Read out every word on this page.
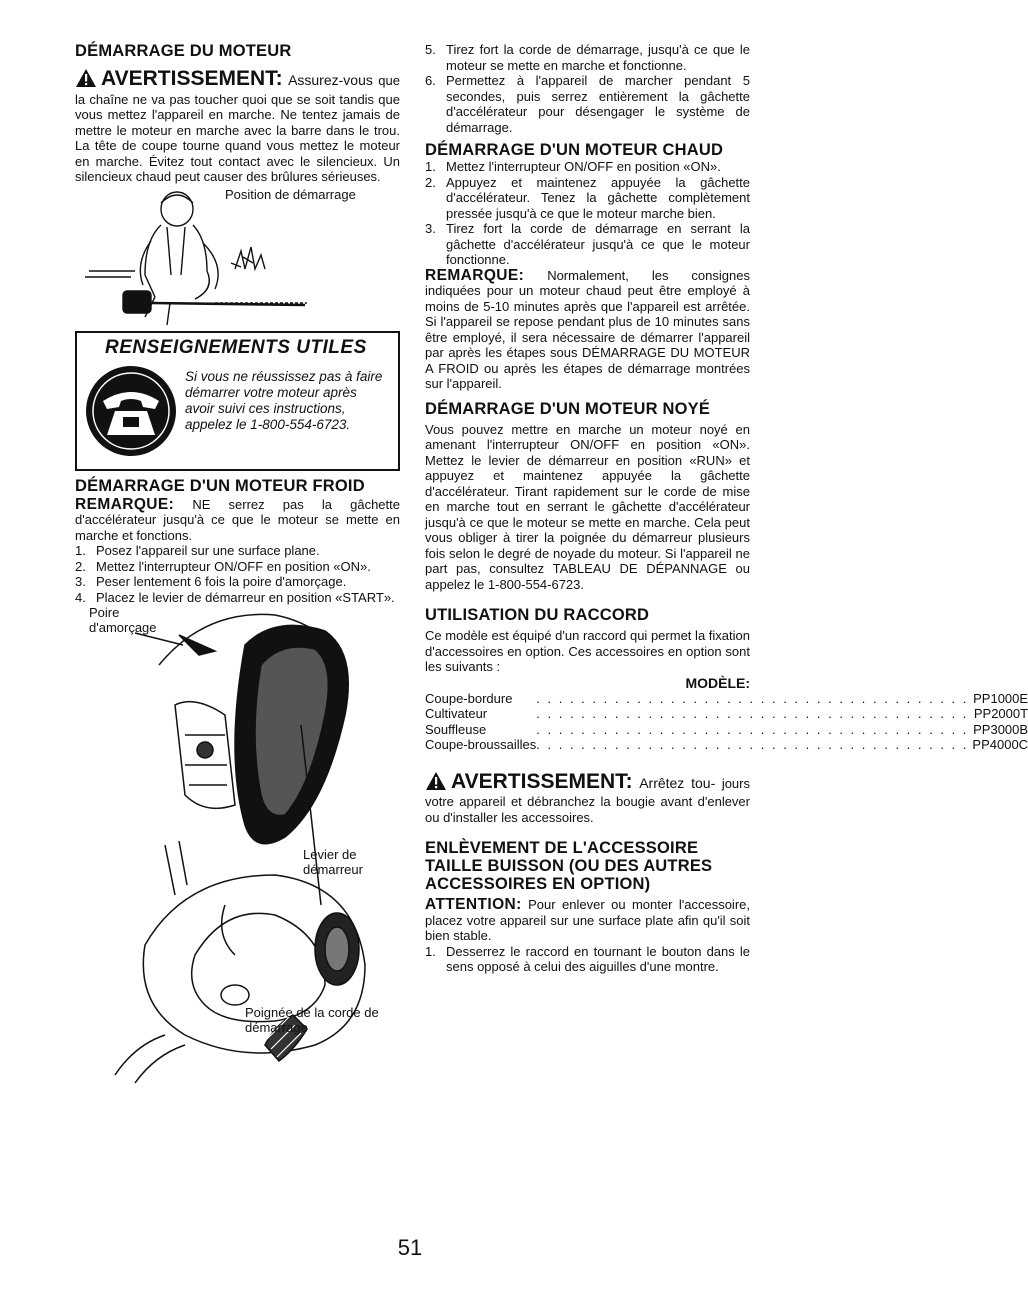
DÉMARRAGE DU MOTEUR

AVERTISSEMENT: Assurez-vous que la chaîne ne va pas toucher quoi que se soit tandis que vous mettez l'appareil en marche. Ne tentez jamais de mettre le moteur en marche avec la barre dans le trou. La tête de coupe tourne quand vous mettez le moteur en marche. Évitez tout contact avec le silencieux. Un silencieux chaud peut causer des brûlures sérieuses.

Position de démarrage
RENSEIGNEMENTS UTILES
Si vous ne réussissez pas à faire démarrer votre moteur après avoir suivi ces instructions, appelez le 1-800-554-6723.
DÉMARRAGE D'UN MOTEUR FROID

REMARQUE: NE serrez pas la gâchette d'accélérateur jusqu'à ce que le moteur se mette en marche et fonctions.

1. Posez l'appareil sur une surface plane.
2. Mettez l'interrupteur ON/OFF en position «ON».
3. Peser lentement 6 fois la poire d'amorçage.
4. Placez le levier de démarreur en position «START».
Poire d'amorçage
Levier de démarreur
Poignée de la corde de démarrage
5. Tirez fort la corde de démarrage, jusqu'à ce que le moteur se mette en marche et fonctionne.
6. Permettez à l'appareil de marcher pendant 5 secondes, puis serrez entièrement la gâchette d'accélérateur pour désengager le système de démarrage.
DÉMARRAGE D'UN MOTEUR CHAUD
1. Mettez l'interrupteur ON/OFF en position «ON».
2. Appuyez et maintenez appuyée la gâchette d'accélérateur. Tenez la gâchette complètement pressée jusqu'à ce que le moteur marche bien.
3. Tirez fort la corde de démarrage en serrant la gâchette d'accélérateur jusqu'à ce que le moteur fonctionne.

REMARQUE: Normalement, les consignes indiquées pour un moteur chaud peut être employé à moins de 5-10 minutes après que l'appareil est arrêtée. Si l'appareil se repose pendant plus de 10 minutes sans être employé, il sera nécessaire de démarrer l'appareil par après les étapes sous DÉMARRAGE DU MOTEUR A FROID ou après les étapes de démarrage montrées sur l'appareil.

DÉMARRAGE D'UN MOTEUR NOYÉ

Vous pouvez mettre en marche un moteur noyé en amenant l'interrupteur ON/OFF en position «ON». Mettez le levier de démarreur en position «RUN» et appuyez et maintenez appuyée la gâchette d'accélérateur. Tirant rapidement sur le corde de mise en marche tout en serrant le gâchette d'accélérateur jusqu'à ce que le moteur se mette en marche. Cela peut vous obliger à tirer la poignée du démarreur plusieurs fois selon le degré de noyade du moteur. Si l'appareil ne part pas, consultez TABLEAU DE DÉPANNAGE ou appelez le 1-800-554-6723.

UTILISATION DU RACCORD

Ce modèle est équipé d'un raccord qui permet la fixation d'accessoires en option. Ces accessoires en option sont les suivants :

MODÈLE:
Coupe-bordure	. . . . . . . . . . . . . . . . . . . . . . . . . . . . . . . . . . . . . . .	PP1000E
Cultivateur	. . . . . . . . . . . . . . . . . . . . . . . . . . . . . . . . . . . . . . .	PP2000T
Souffleuse	. . . . . . . . . . . . . . . . . . . . . . . . . . . . . . . . . . . . . . .	PP3000B
Coupe-broussailles	. . . . . . . . . . . . . . . . . . . . . . . . . . . . . . . . . . . . . . .	PP4000C

AVERTISSEMENT: Arrêtez tou- jours votre appareil et débranchez la bougie avant d'enlever ou d'installer les accessoires.

ENLÈVEMENT DE L'ACCESSOIRE TAILLE BUISSON (OU DES AUTRES ACCESSOIRES EN OPTION)

ATTENTION: Pour enlever ou monter l'accessoire, placez votre appareil sur une surface plate afin qu'il soit bien stable.

1. Desserrez le raccord en tournant le bouton dans le sens opposé à celui des aiguilles d'une montre.
51
